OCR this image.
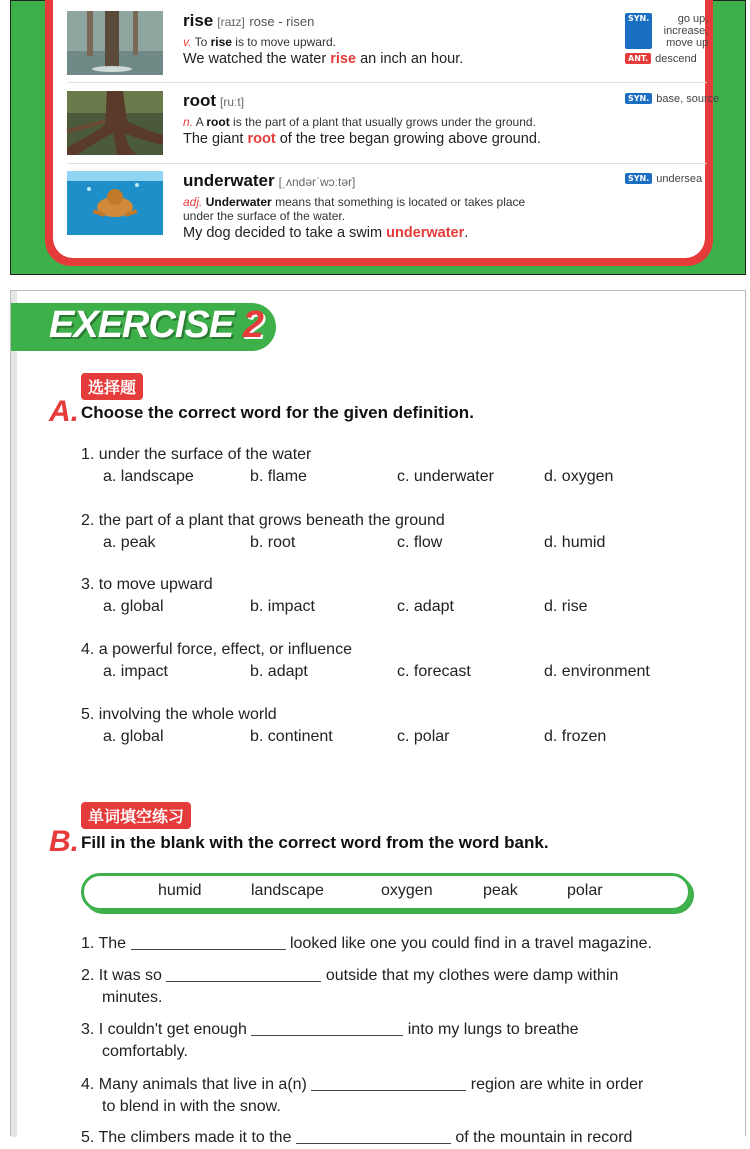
rise [raɪz] rose - risen
v. To rise is to move upward.
We watched the water rise an inch an hour.
SYN.	go up, increase, move up
ANT. descend
root [ruːt]
n. A root is the part of a plant that usually grows under the ground.
The giant root of the tree began growing above ground.
SYN. base, source
underwater [ˌʌndərˈwɔːtər]
adj. Underwater means that something is located or takes place
under the surface of the water.
My dog decided to take a swim underwater.
SYN. undersea
EXERCISE 2
选择题
A. Choose the correct word for the given definition.
1. under the surface of the water
a. landscape	b. flame	c. underwater	d. oxygen
2. the part of a plant that grows beneath the ground
a. peak	b. root	c. flow	d. humid
3. to move upward
a. global	b. impact	c. adapt	d. rise
4. a powerful force, effect, or influence
a. impact	b. adapt	c. forecast	d. environment
5. involving the whole world
a. global	b. continent	c. polar	d. frozen
单词填空练习
B. Fill in the blank with the correct word from the word bank.
humid	landscape	oxygen	peak	polar
1. The	looked like one you could find in a travel magazine.
2. It was so	outside that my clothes were damp within
minutes.
3. I couldn't get enough	into my lungs to breathe
comfortably.
4. Many animals that live in a(n)	region are white in order
to blend in with the snow.
5. The climbers made it to the	of the mountain in record
